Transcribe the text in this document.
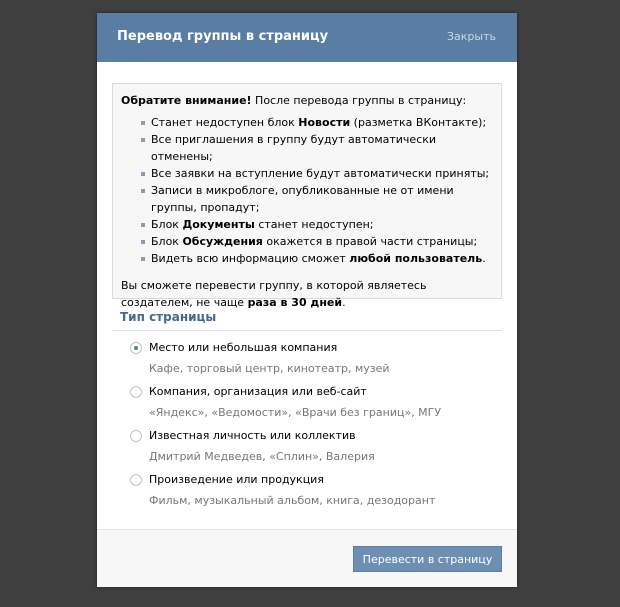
Перевод группы в страницу	Закрыть
Обратите внимание! После перевода группы в страницу:
Станет недоступен блок Новости (разметка ВКонтакте);
Все приглашения в группу будут автоматически отменены;
Все заявки на вступление будут автоматически приняты;
Записи в микроблоге, опубликованные не от имени группы, пропадут;
Блок Документы станет недоступен;
Блок Обсуждения окажется в правой части страницы;
Видеть всю информацию сможет любой пользователь.
Вы сможете перевести группу, в которой являетесь создателем, не чаще раза в 30 дней.
Тип страницы
Место или небольшая компания
Кафе, торговый центр, кинотеатр, музей
Компания, организация или веб-сайт
«Яндекс», «Ведомости», «Врачи без границ», МГУ
Известная личность или коллектив
Дмитрий Медведев, «Сплин», Валерия
Произведение или продукция
Фильм, музыкальный альбом, книга, дезодорант
Перевести в страницу
